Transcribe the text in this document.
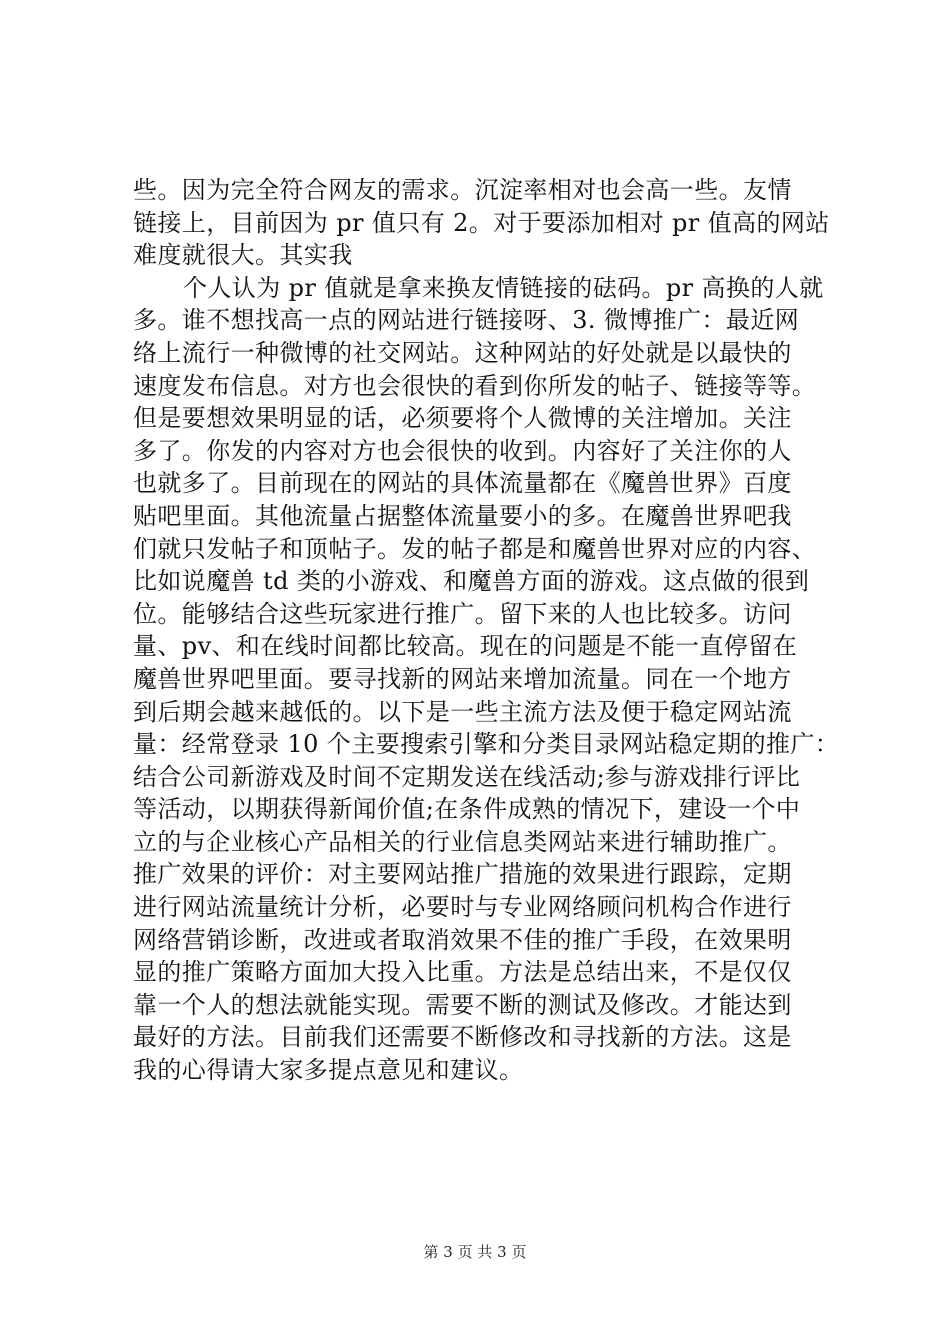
些。因为完全符合网友的需求。沉淀率相对也会高一些。友情
链接上，目前因为 pr 值只有 2。对于要添加相对 pr 值高的网站
难度就很大。其实我
个人认为 pr 值就是拿来换友情链接的砝码。pr 高换的人就
多。谁不想找高一点的网站进行链接呀、3. 微博推广：最近网
络上流行一种微博的社交网站。这种网站的好处就是以最快的
速度发布信息。对方也会很快的看到你所发的帖子、链接等等。
但是要想效果明显的话，必须要将个人微博的关注增加。关注
多了。你发的内容对方也会很快的收到。内容好了关注你的人
也就多了。目前现在的网站的具体流量都在《魔兽世界》百度
贴吧里面。其他流量占据整体流量要小的多。在魔兽世界吧我
们就只发帖子和顶帖子。发的帖子都是和魔兽世界对应的内容、
比如说魔兽 td 类的小游戏、和魔兽方面的游戏。这点做的很到
位。能够结合这些玩家进行推广。留下来的人也比较多。访问
量、pv、和在线时间都比较高。现在的问题是不能一直停留在
魔兽世界吧里面。要寻找新的网站来增加流量。同在一个地方
到后期会越来越低的。以下是一些主流方法及便于稳定网站流
量：经常登录 10 个主要搜索引擎和分类目录网站稳定期的推广：
结合公司新游戏及时间不定期发送在线活动;参与游戏排行评比
等活动，以期获得新闻价值;在条件成熟的情况下，建设一个中
立的与企业核心产品相关的行业信息类网站来进行辅助推广。
推广效果的评价：对主要网站推广措施的效果进行跟踪，定期
进行网站流量统计分析，必要时与专业网络顾问机构合作进行
网络营销诊断，改进或者取消效果不佳的推广手段，在效果明
显的推广策略方面加大投入比重。方法是总结出来，不是仅仅
靠一个人的想法就能实现。需要不断的测试及修改。才能达到
最好的方法。目前我们还需要不断修改和寻找新的方法。这是
我的心得请大家多提点意见和建议。
第 3 页 共 3 页
